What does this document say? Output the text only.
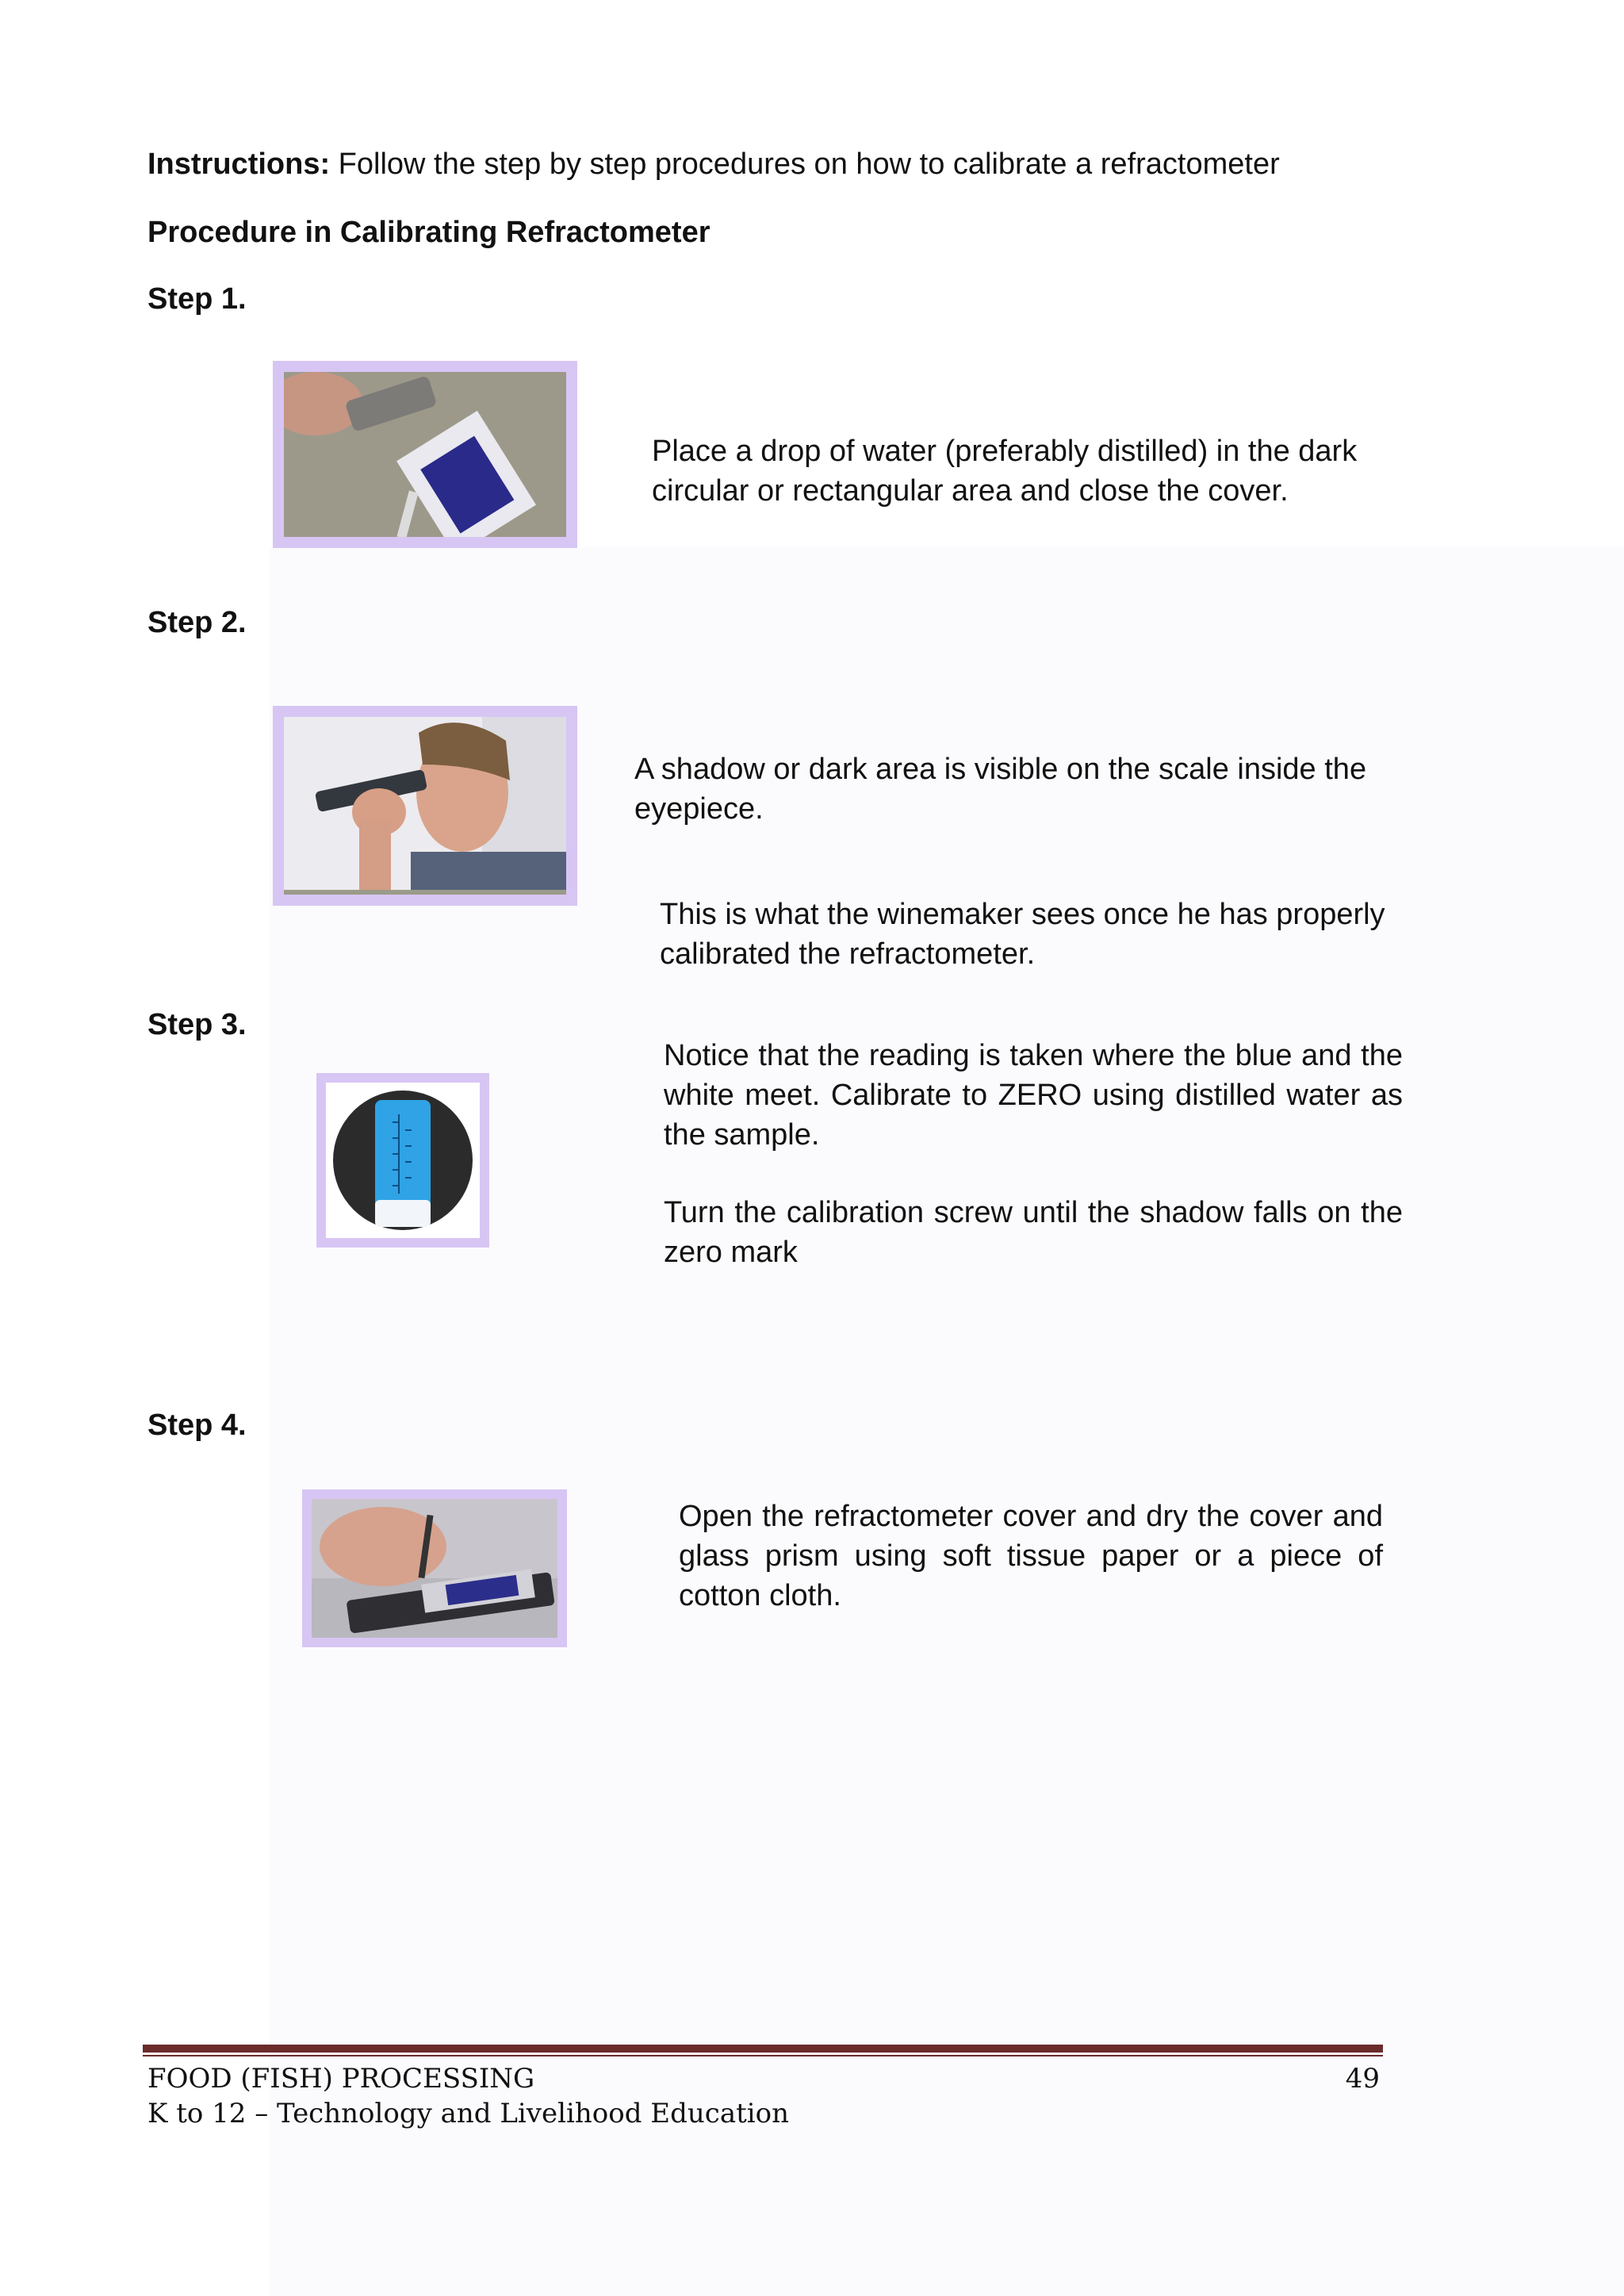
Instructions: Follow the step by step procedures on how to calibrate a refractometer

Procedure in Calibrating Refractometer

Step 1.

Place a drop of water (preferably distilled) in the dark circular or rectangular area and close the cover.

Step 2.

A shadow or dark area is visible on the scale inside the eyepiece.

This is what the winemaker sees once he has properly calibrated the refractometer.

Step 3.

Notice that the reading is taken where the blue and the white meet. Calibrate to ZERO using distilled water as the sample.

Turn the calibration screw until the shadow falls on the zero mark

Step 4.

Open the refractometer cover and dry the cover and glass prism using soft tissue paper or a piece of cotton cloth.

FOOD (FISH) PROCESSING	49
K to 12 – Technology and Livelihood Education
